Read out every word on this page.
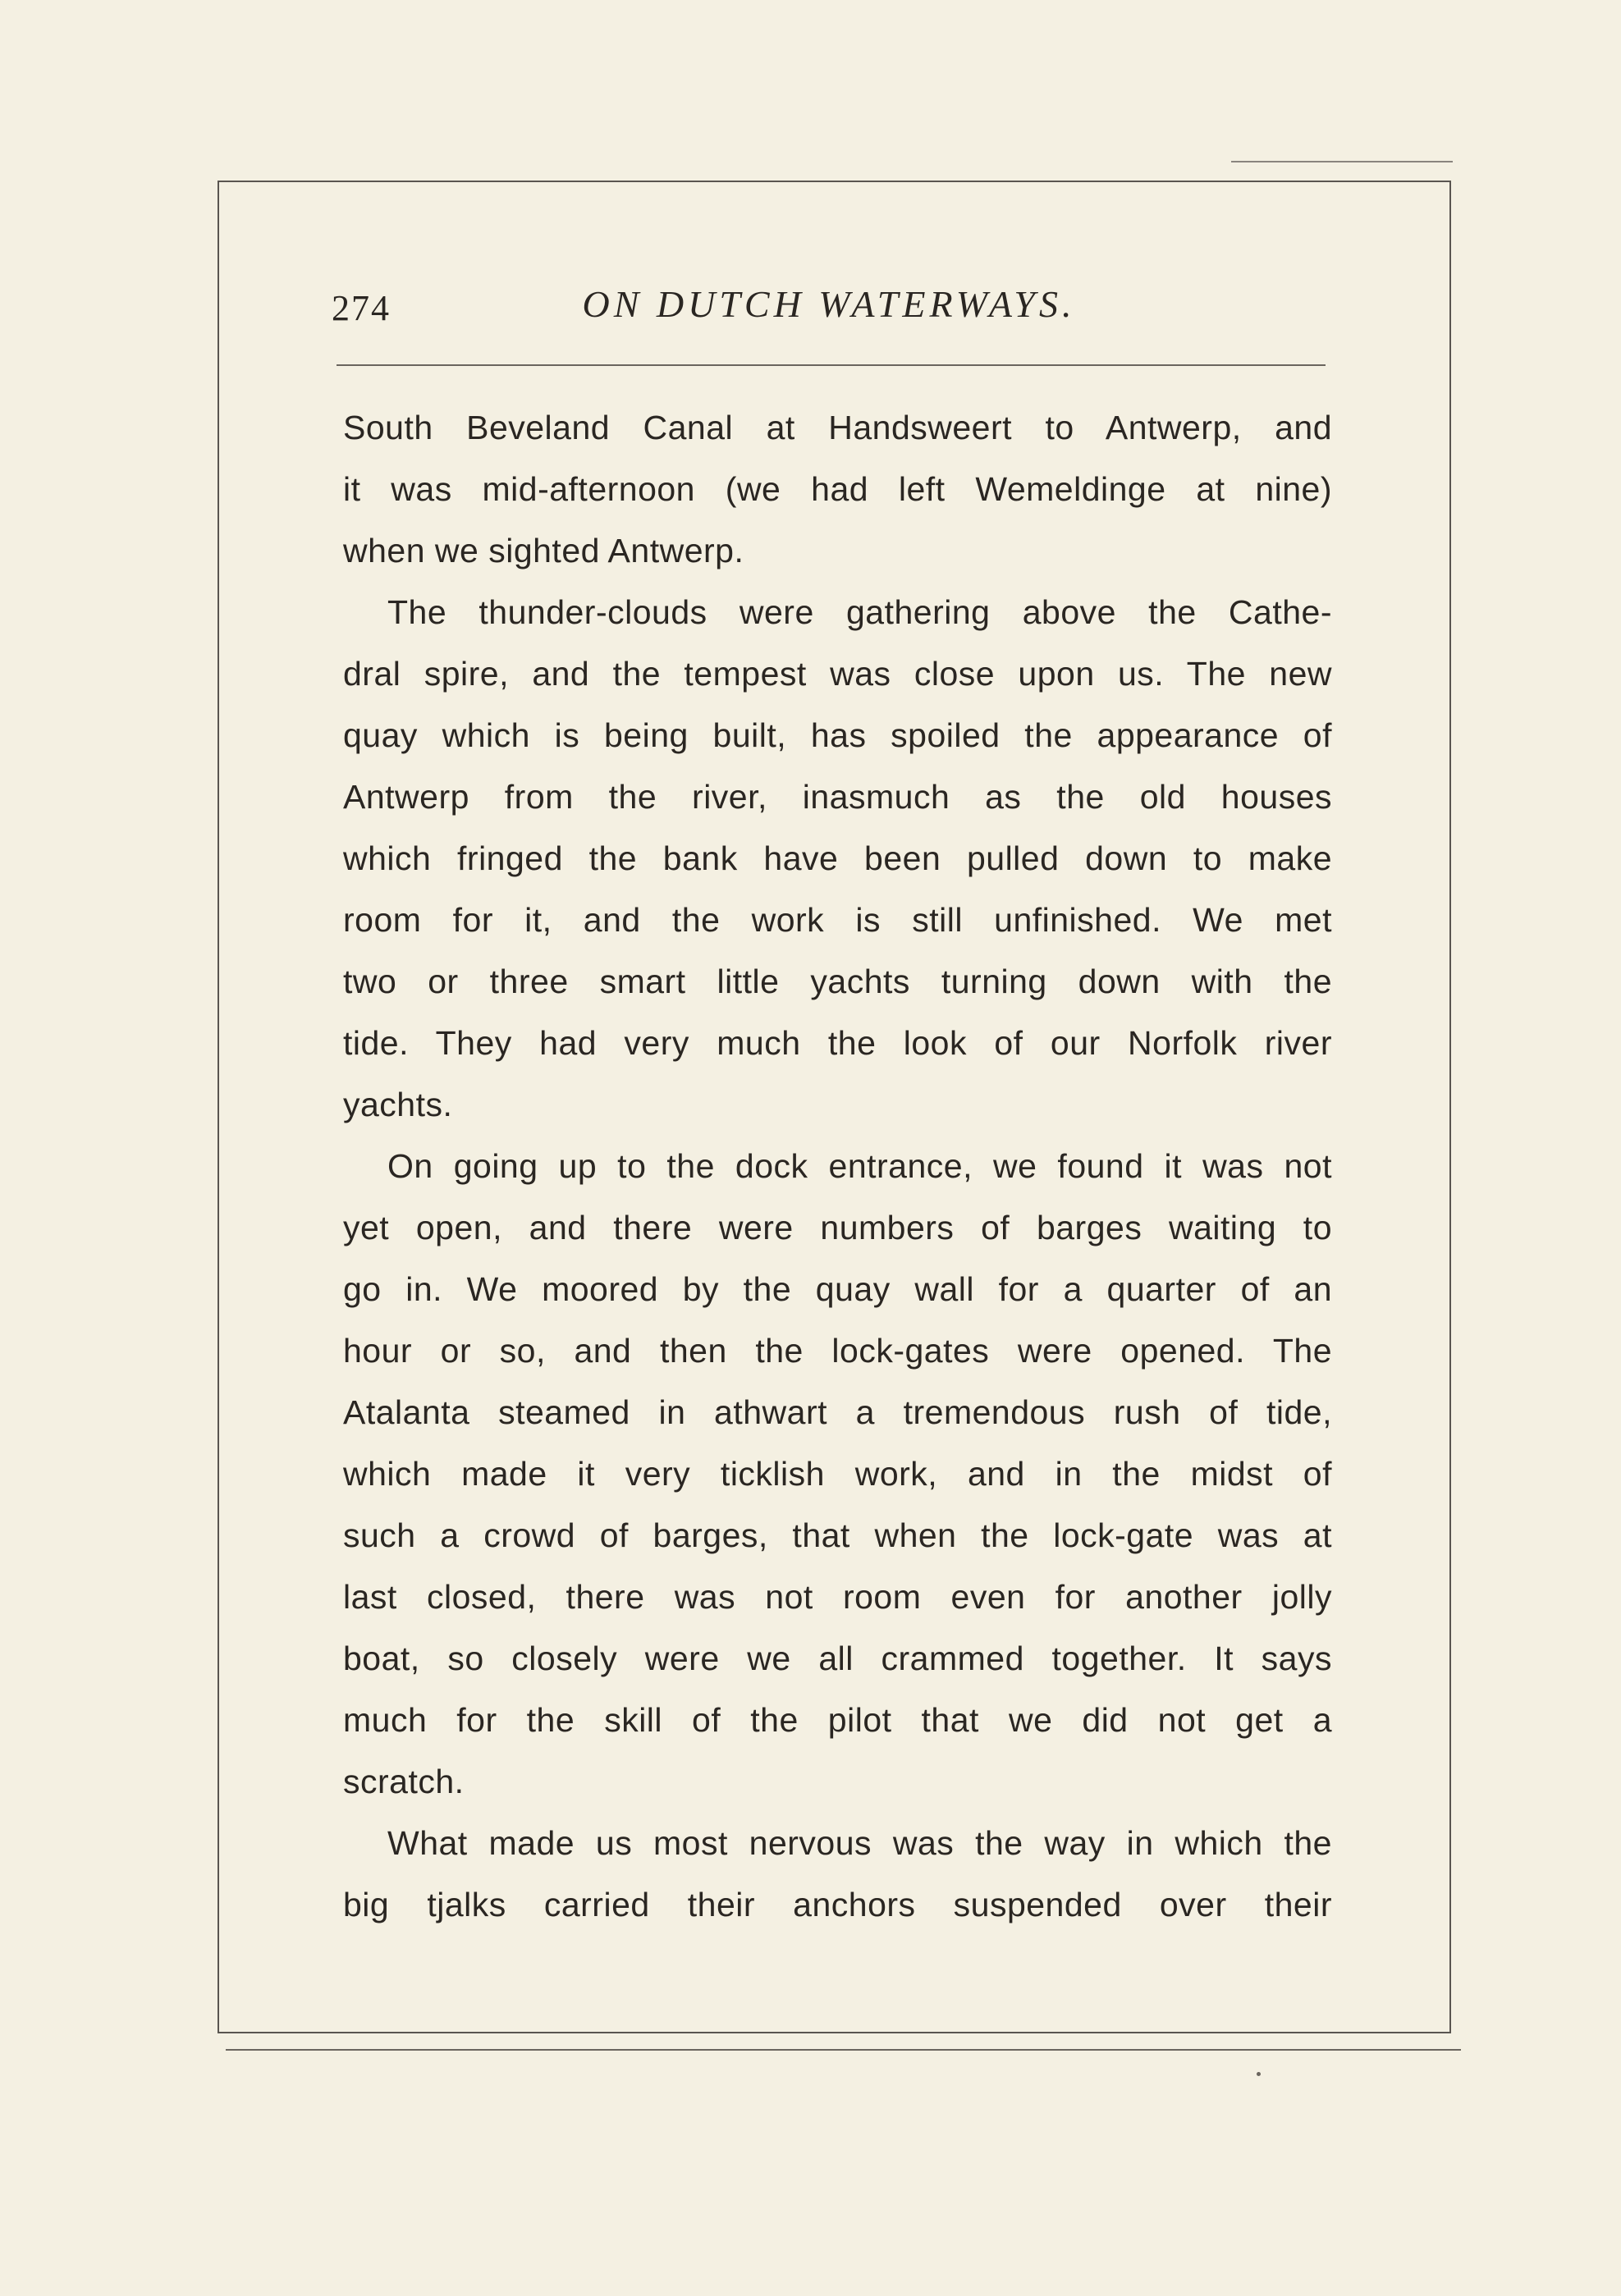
274	ON DUTCH WATERWAYS.
South Beveland Canal at Handsweert to Antwerp, and
it was mid-afternoon (we had left Wemeldinge at nine)
when we sighted Antwerp.
The thunder-clouds were gathering above the Cathe-
dral spire, and the tempest was close upon us. The new
quay which is being built, has spoiled the appearance of
Antwerp from the river, inasmuch as the old houses
which fringed the bank have been pulled down to make
room for it, and the work is still unfinished. We met
two or three smart little yachts turning down with the
tide. They had very much the look of our Norfolk river
yachts.
On going up to the dock entrance, we found it was not
yet open, and there were numbers of barges waiting to
go in. We moored by the quay wall for a quarter of an
hour or so, and then the lock-gates were opened. The
Atalanta steamed in athwart a tremendous rush of tide,
which made it very ticklish work, and in the midst of
such a crowd of barges, that when the lock-gate was at
last closed, there was not room even for another jolly
boat, so closely were we all crammed together. It says
much for the skill of the pilot that we did not get a
scratch.
What made us most nervous was the way in which the
big tjalks carried their anchors suspended over their
